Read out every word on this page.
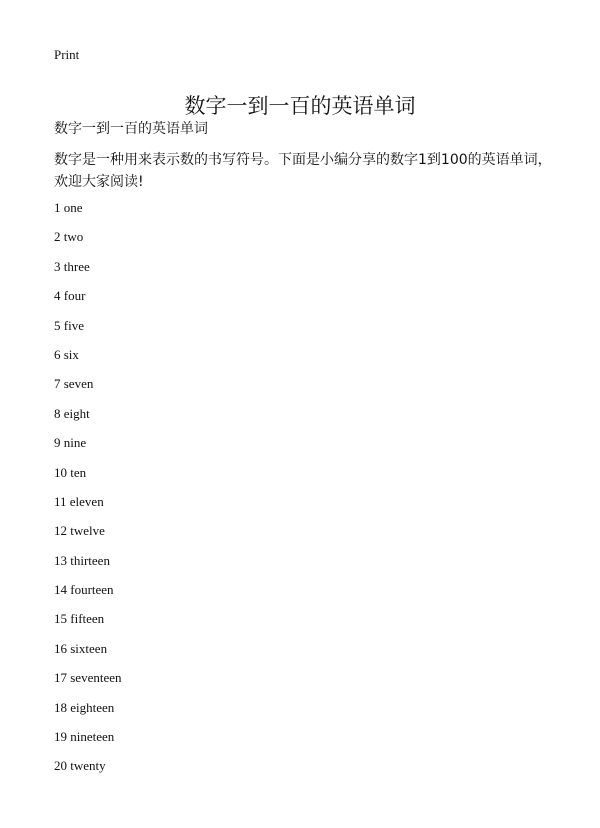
Print
数字一到一百的英语单词
数字一到一百的英语单词
数字是一种用来表示数的书写符号。下面是小编分享的数字1到100的英语单词，欢迎大家阅读!
1 one
2 two
3 three
4 four
5 five
6 six
7 seven
8 eight
9 nine
10 ten
11 eleven
12 twelve
13 thirteen
14 fourteen
15 fifteen
16 sixteen
17 seventeen
18 eighteen
19 nineteen
20 twenty
